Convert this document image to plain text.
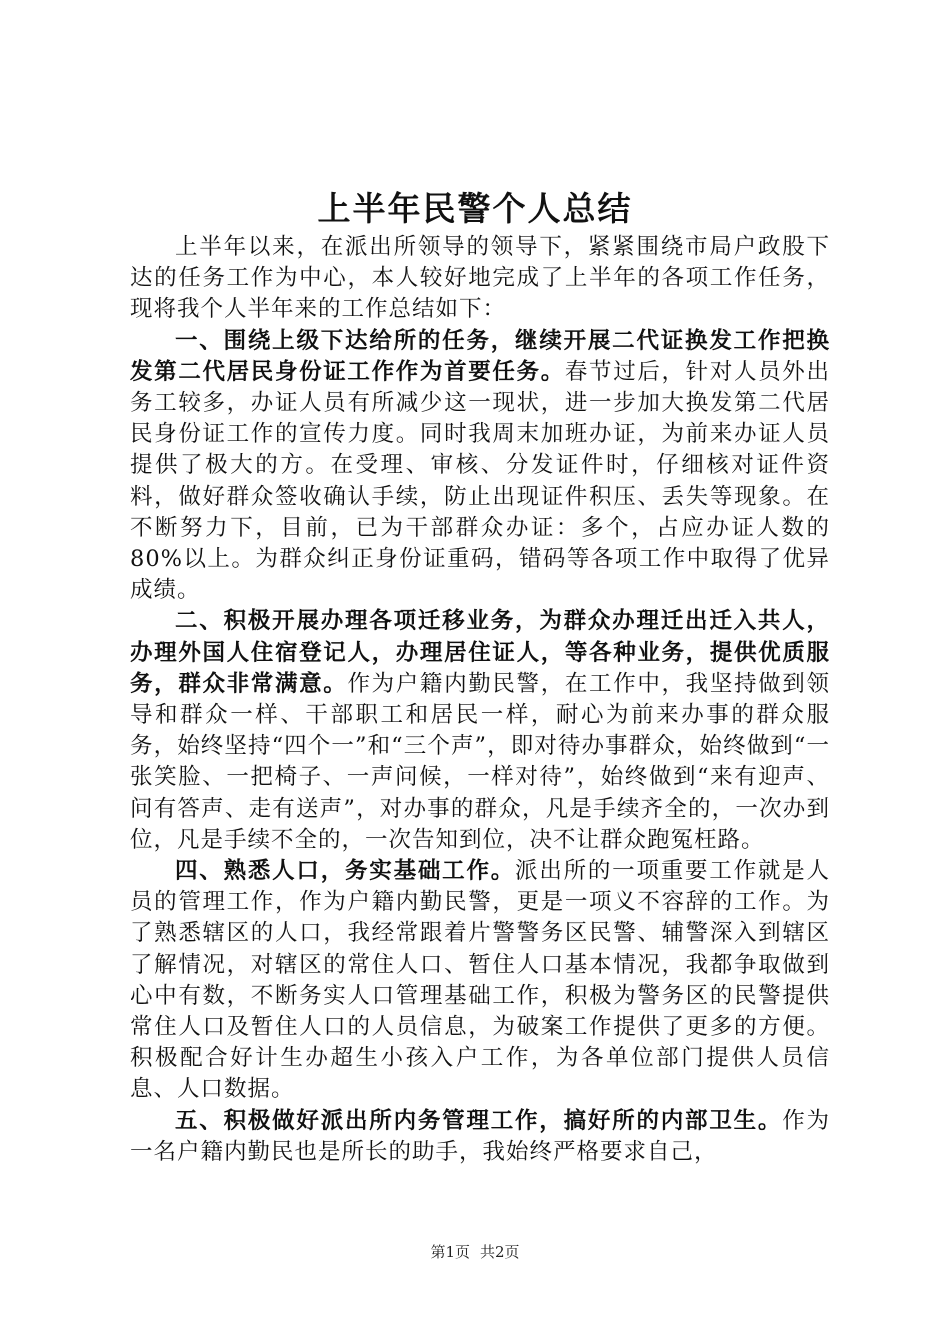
上半年民警个人总结

上半年以来，在派出所领导的领导下，紧紧围绕市局户政股下达的任务工作为中心，本人较好地完成了上半年的各项工作任务，现将我个人半年来的工作总结如下：

一、围绕上级下达给所的任务，继续开展二代证换发工作把换发第二代居民身份证工作作为首要任务。春节过后，针对人员外出务工较多，办证人员有所减少这一现状，进一步加大换发第二代居民身份证工作的宣传力度。同时我周末加班办证，为前来办证人员提供了极大的方。在受理、审核、分发证件时，仔细核对证件资料，做好群众签收确认手续，防止出现证件积压、丢失等现象。在不断努力下，目前，已为干部群众办证：多个，占应办证人数的80%以上。为群众纠正身份证重码，错码等各项工作中取得了优异成绩。

二、积极开展办理各项迁移业务，为群众办理迁出迁入共人，办理外国人住宿登记人，办理居住证人，等各种业务，提供优质服务，群众非常满意。作为户籍内勤民警，在工作中，我坚持做到领导和群众一样、干部职工和居民一样，耐心为前来办事的群众服务，始终坚持“四个一”和“三个声”，即对待办事群众，始终做到“一张笑脸、一把椅子、一声问候，一样对待”，始终做到“来有迎声、问有答声、走有送声”，对办事的群众，凡是手续齐全的，一次办到位，凡是手续不全的，一次告知到位，决不让群众跑冤枉路。

四、熟悉人口，务实基础工作。派出所的一项重要工作就是人员的管理工作，作为户籍内勤民警，更是一项义不容辞的工作。为了熟悉辖区的人口，我经常跟着片警警务区民警、辅警深入到辖区了解情况，对辖区的常住人口、暂住人口基本情况，我都争取做到心中有数，不断务实人口管理基础工作，积极为警务区的民警提供常住人口及暂住人口的人员信息，为破案工作提供了更多的方便。积极配合好计生办超生小孩入户工作，为各单位部门提供人员信息、人口数据。

五、积极做好派出所内务管理工作，搞好所的内部卫生。作为一名户籍内勤民也是所长的助手，我始终严格要求自己，

第1页 共2页
